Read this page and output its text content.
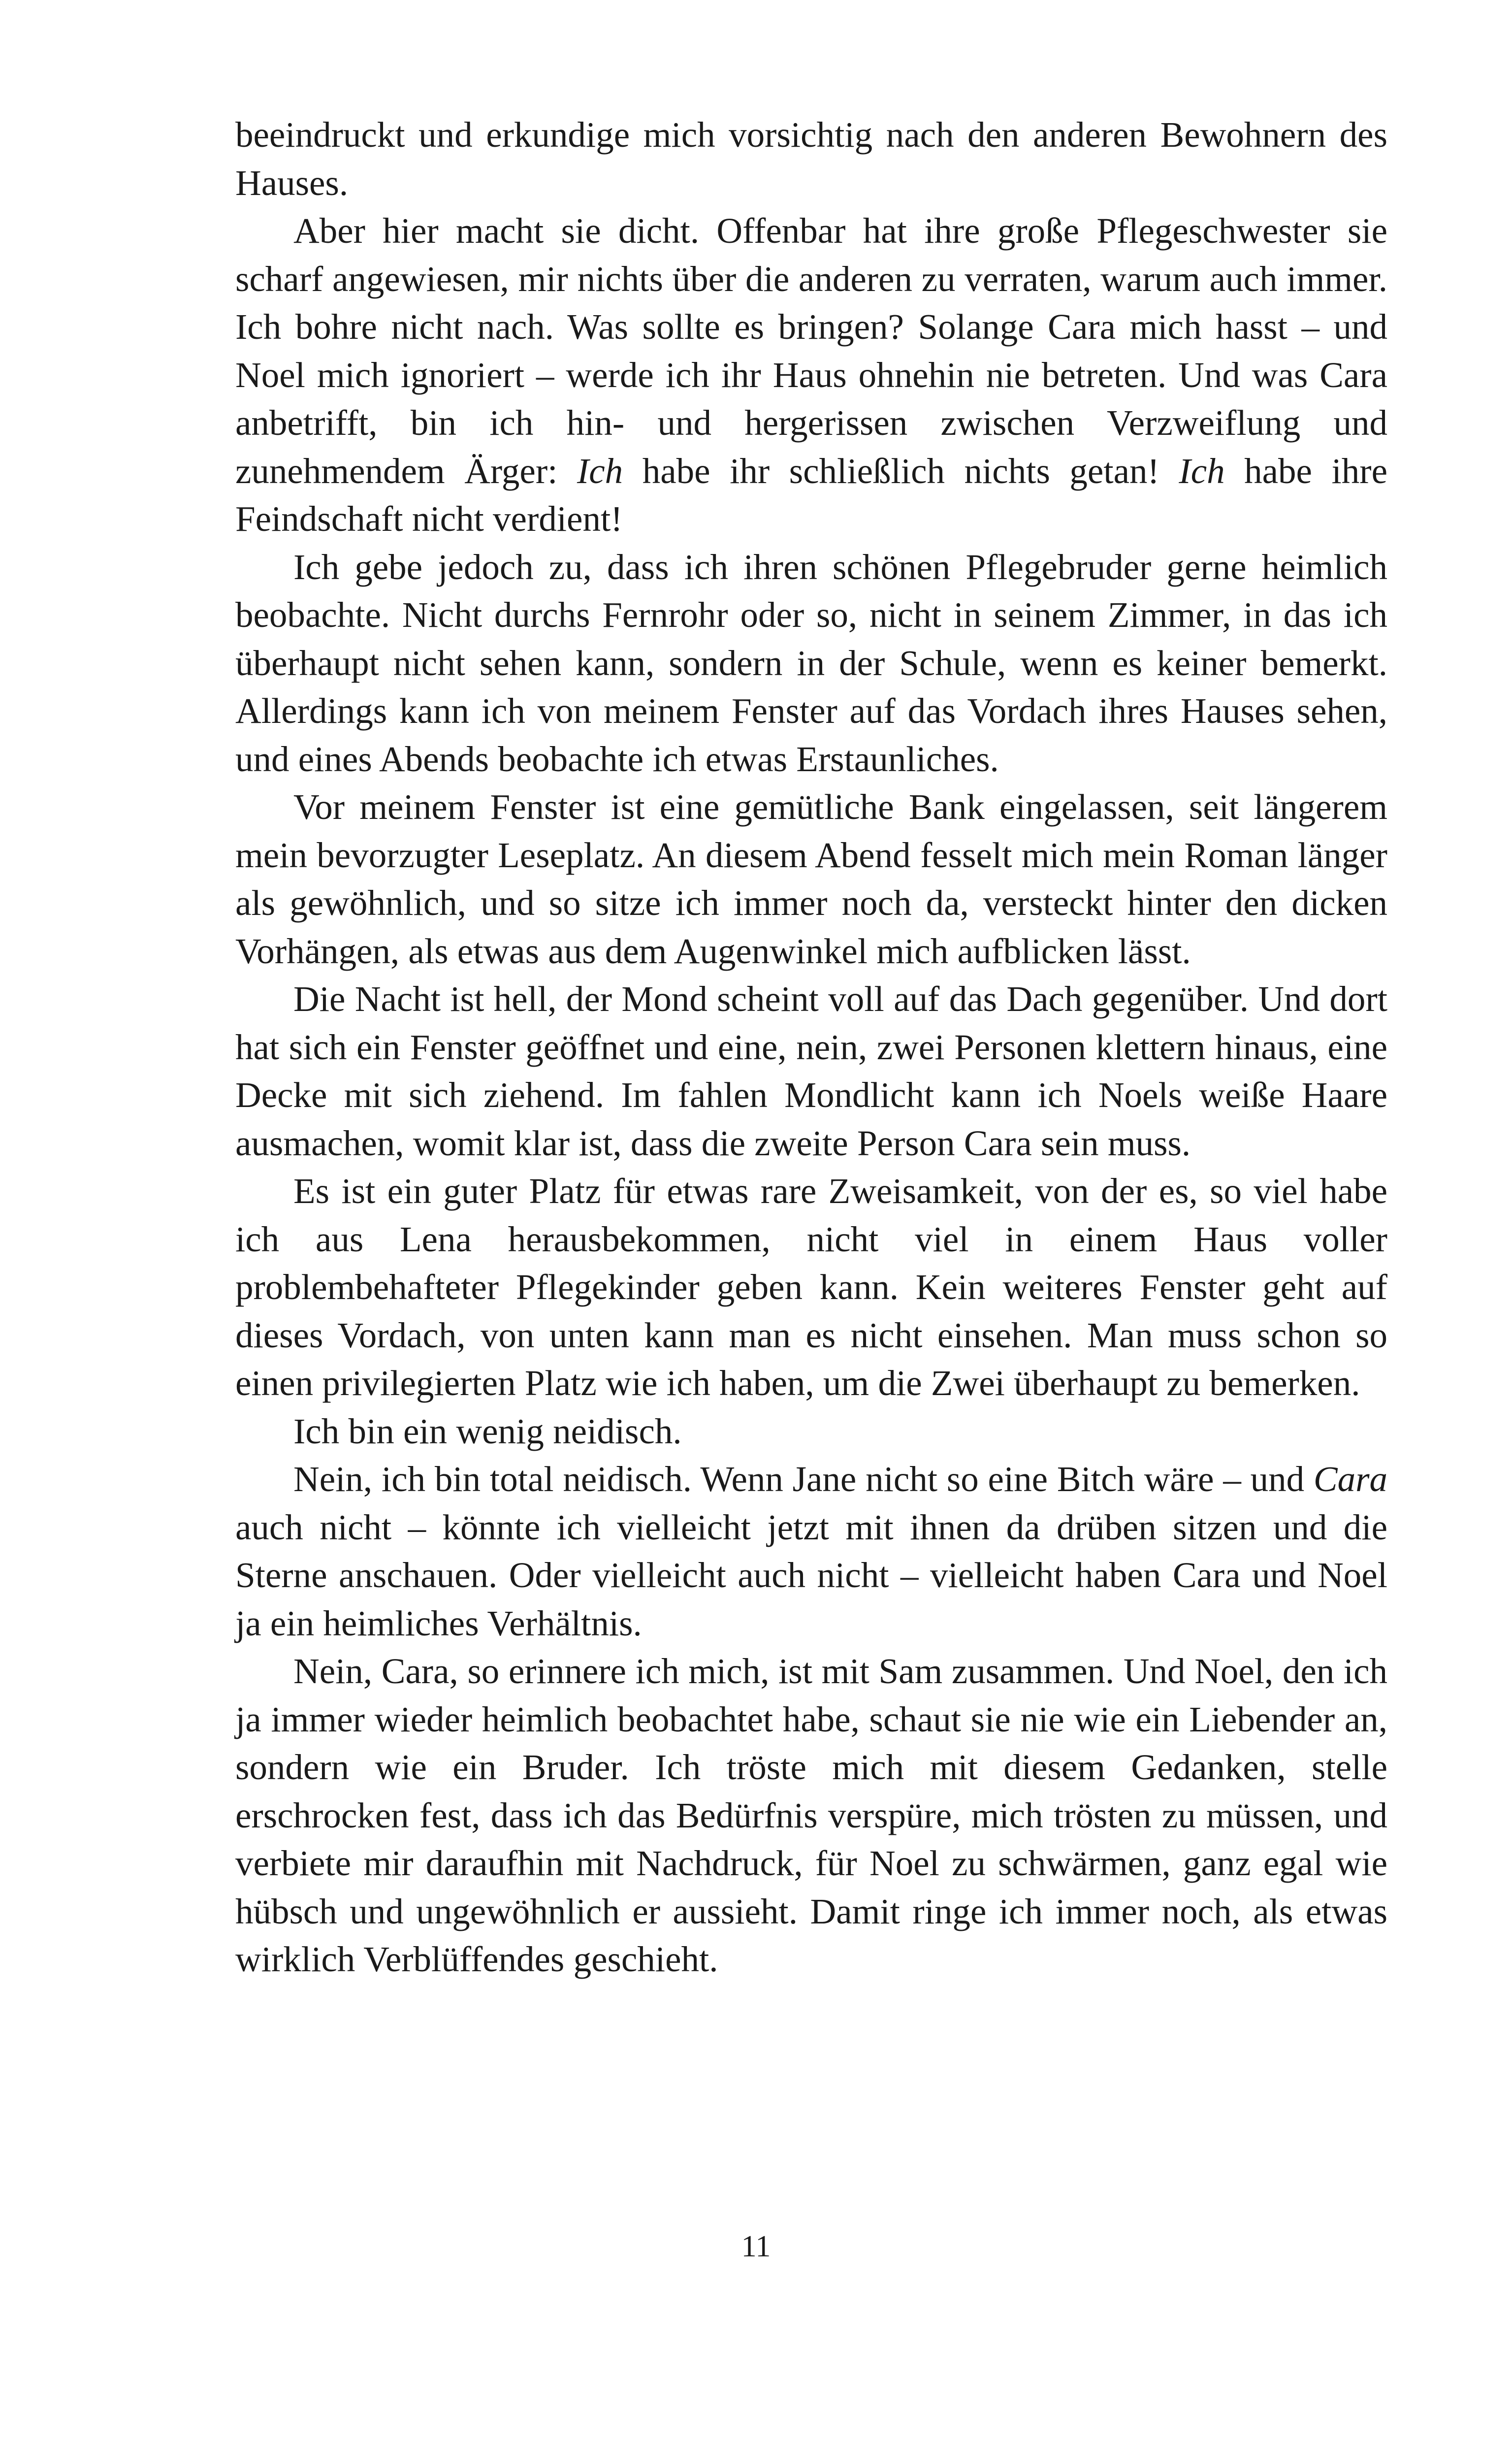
beeindruckt und erkundige mich vorsichtig nach den anderen Bewohnern des Hauses.

Aber hier macht sie dicht. Offenbar hat ihre große Pflegeschwester sie scharf angewiesen, mir nichts über die anderen zu verraten, warum auch immer. Ich bohre nicht nach. Was sollte es bringen? Solange Cara mich hasst – und Noel mich ignoriert – werde ich ihr Haus ohnehin nie betreten. Und was Cara anbetrifft, bin ich hin- und hergerissen zwischen Verzweiflung und zunehmendem Ärger: Ich habe ihr schließlich nichts getan! Ich habe ihre Feindschaft nicht verdient!

Ich gebe jedoch zu, dass ich ihren schönen Pflegebruder gerne heimlich beobachte. Nicht durchs Fernrohr oder so, nicht in seinem Zimmer, in das ich überhaupt nicht sehen kann, sondern in der Schule, wenn es keiner bemerkt. Allerdings kann ich von meinem Fenster auf das Vordach ihres Hauses sehen, und eines Abends beobachte ich etwas Erstaunliches.

Vor meinem Fenster ist eine gemütliche Bank eingelassen, seit längerem mein bevorzugter Leseplatz. An diesem Abend fesselt mich mein Roman länger als gewöhnlich, und so sitze ich immer noch da, versteckt hinter den dicken Vorhängen, als etwas aus dem Augenwinkel mich aufblicken lässt.

Die Nacht ist hell, der Mond scheint voll auf das Dach gegenüber. Und dort hat sich ein Fenster geöffnet und eine, nein, zwei Personen klettern hinaus, eine Decke mit sich ziehend. Im fahlen Mondlicht kann ich Noels weiße Haare ausmachen, womit klar ist, dass die zweite Person Cara sein muss.

Es ist ein guter Platz für etwas rare Zweisamkeit, von der es, so viel habe ich aus Lena herausbekommen, nicht viel in einem Haus voller problembehafteter Pflegekinder geben kann. Kein weiteres Fenster geht auf dieses Vordach, von unten kann man es nicht einsehen. Man muss schon so einen privilegierten Platz wie ich haben, um die Zwei überhaupt zu bemerken.

Ich bin ein wenig neidisch.

Nein, ich bin total neidisch. Wenn Jane nicht so eine Bitch wäre – und Cara auch nicht – könnte ich vielleicht jetzt mit ihnen da drüben sitzen und die Sterne anschauen. Oder vielleicht auch nicht – vielleicht haben Cara und Noel ja ein heimliches Verhältnis.

Nein, Cara, so erinnere ich mich, ist mit Sam zusammen. Und Noel, den ich ja immer wieder heimlich beobachtet habe, schaut sie nie wie ein Liebender an, sondern wie ein Bruder. Ich tröste mich mit diesem Gedanken, stelle erschrocken fest, dass ich das Bedürfnis verspüre, mich trösten zu müssen, und verbiete mir daraufhin mit Nachdruck, für Noel zu schwärmen, ganz egal wie hübsch und ungewöhnlich er aussieht. Damit ringe ich immer noch, als etwas wirklich Verblüffendes geschieht.

11
